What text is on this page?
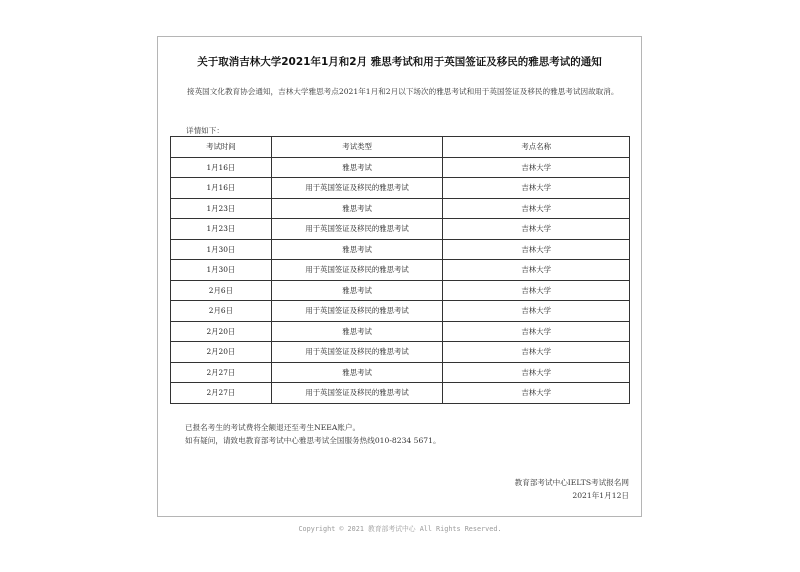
关于取消吉林大学2021年1月和2月 雅思考试和用于英国签证及移民的雅思考试的通知
接英国文化教育协会通知，吉林大学雅思考点2021年1月和2月以下场次的雅思考试和用于英国签证及移民的雅思考试因故取消。
详情如下：
考试时间	考试类型	考点名称
1月16日	雅思考试	吉林大学
1月16日	用于英国签证及移民的雅思考试	吉林大学
1月23日	雅思考试	吉林大学
1月23日	用于英国签证及移民的雅思考试	吉林大学
1月30日	雅思考试	吉林大学
1月30日	用于英国签证及移民的雅思考试	吉林大学
2月6日	雅思考试	吉林大学
2月6日	用于英国签证及移民的雅思考试	吉林大学
2月20日	雅思考试	吉林大学
2月20日	用于英国签证及移民的雅思考试	吉林大学
2月27日	雅思考试	吉林大学
2月27日	用于英国签证及移民的雅思考试	吉林大学
已报名考生的考试费将全额退还至考生NEEA账户。
如有疑问，请致电教育部考试中心雅思考试全国服务热线010-8234 5671。
教育部考试中心IELTS考试报名网
2021年1月12日
Copyright © 2021 教育部考试中心 All Rights Reserved.
